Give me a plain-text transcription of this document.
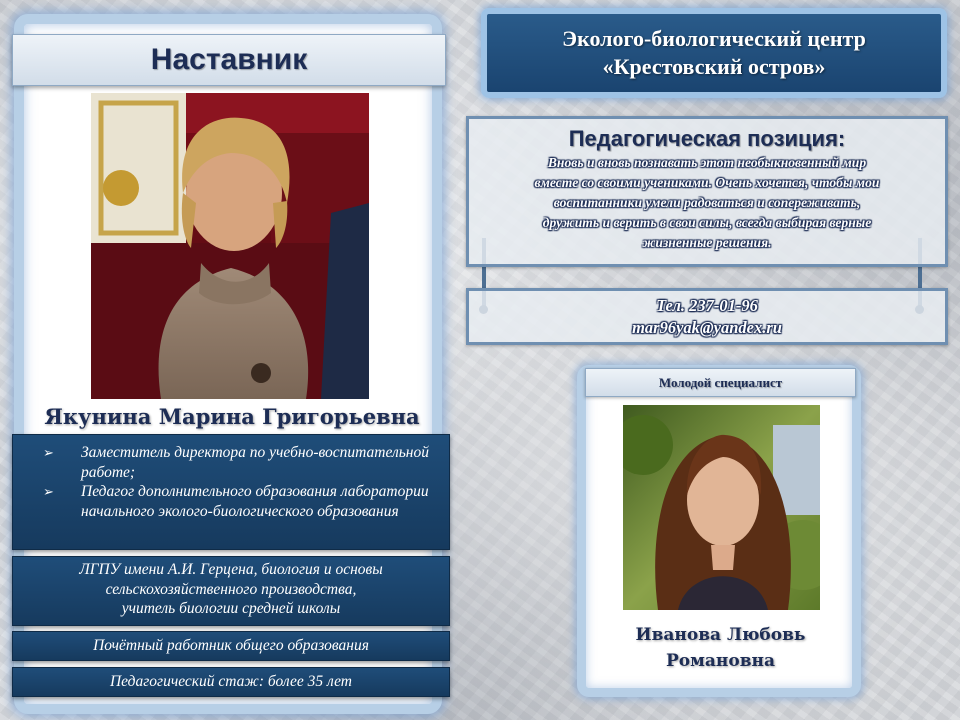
Наставник
Якунина Марина Григорьевна
➢ Заместитель директора по учебно-воспитательной работе;
➢ Педагог дополнительного образования лаборатории начального эколого-биологического образования
ЛГПУ имени А.И. Герцена, биология и основы
сельскохозяйственного производства,
учитель биологии средней школы
Почётный работник общего образования
Педагогический стаж: более 35 лет
Эколого-биологический центр
«Крестовский остров»
Педагогическая позиция:
Вновь и вновь познавать этот необыкновенный мир
вместе со своими учениками. Очень хочется, чтобы мои
воспитанники умели радоваться и сопереживать,
дружить и верить в свои силы, всегда выбирая верные
жизненные решения.
Тел. 237-01-96
mar96yak@yandex.ru
Молодой специалист
Иванова Любовь
Романовна
